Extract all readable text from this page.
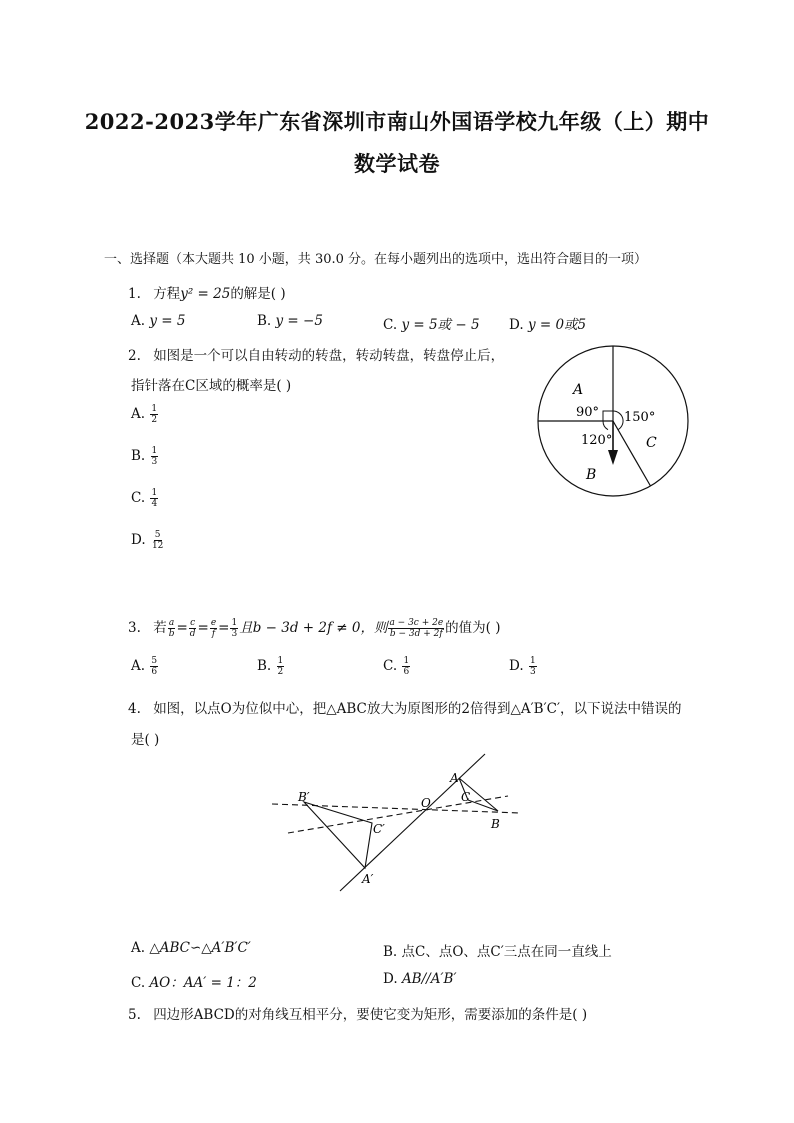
2022-2023学年广东省深圳市南山外国语学校九年级（上）期中
数学试卷
一、选择题（本大题共 10 小题，共 30.0 分。在每小题列出的选项中，选出符合题目的一项）
1. 方程y² = 25的解是( )
A. y = 5	B. y = −5	C. y = 5或 − 5 D. y = 0或5
2. 如图是一个可以自由转动的转盘，转动转盘，转盘停止后，
指针落在C区域的概率是( )
A. $\frac{1}{2}$
B. $\frac{1}{3}$
C. $\frac{1}{4}$
D. $\frac{5}{12}$
A
B
C
90° 150°
120°
3. 若 $\frac{a}{b} = \frac{c}{d} = \frac{e}{f} = \frac{1}{3}$ 且b − 3d + 2f ≠ 0，则 $\frac{a - 3c + 2e}{b - 3d + 2f}$ 的值为( )
A. $\frac{5}{6}$	B. $\frac{1}{2}$	C. $\frac{1}{6}$	D. $\frac{1}{3}$
4. 如图，以点O为位似中心，把△ABC放大为原图形的2倍得到△A′B′C′，以下说法中错误的
是( )
A
B
C
O
A′
B′
C′
A. △ABC∽△A′B′C′	B. 点C、点O、点C′三点在同一直线上
C. AO：AA′ = 1：2	D. AB//A′B′
5. 四边形ABCD的对角线互相平分，要使它变为矩形，需要添加的条件是( )
